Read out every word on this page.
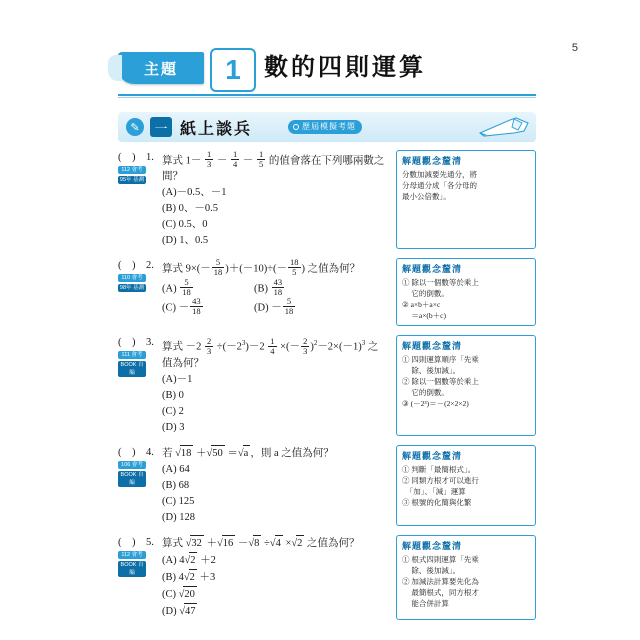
5
主題	1 數的四則運算
✎	一 紙上談兵	歷屆模擬考題
(　)	1. 算式 $1- \frac{1}{3} - \frac{1}{4} - \frac{1}{5}$ 的值會落在下列哪兩數之間？
112 會考
95年 基測
(A)－0.5、－1
(B) 0、－0.5
(C) 0.5、0
(D) 1、0.5
(　)	2. 算式 $9\times(- \frac{5}{18} )+(-10)\div(- \frac{18}{5}$ ) 之值為何？
110 會考
98年 基測 $(A) \frac{5}{18}$	$(B) \frac{43}{18}$
$(C) - \frac{43}{18}$	$(D) - \frac{5}{18}$
(　)	3. 算式 $-2 \frac{2}{3} \div(-2^3)-2 \frac{1}{4}$ ×(－ $\frac{2}{3} )^2-2\times(-1)^3$ 之值為何？
111 會考
BOOK 自編
(A)－1
(B) 0
(C) 2
(D) 3
(　)	4. 若 √18 ＋√50 ＝√a ，則 a 之值為何？
106 會考
BOOK 自編
(A) 64
(B) 68
(C) 125
(D) 128
(　)	5. 算式 √32 ＋√16 －√8 ÷√4 ×√2 之值為何？
112 會考
BOOK 自編
(A) 4√2 ＋2
(B) 4√2 ＋3
(C) √20
(D) √47
解題觀念釐清
分數加減要先通分，將
分母通分成「各分母的
最小公倍數」。
解題觀念釐清
① 除以一個數等於乘上
　 它的倒數。
② a×b＋a×c
　 ＝a×(b＋c)
解題觀念釐清
① 四則運算順序「先乘
　 除、後加減」。
② 除以一個數等於乘上
　 它的倒數。
③ (－2³)＝－(2×2×2)
解題觀念釐清
① 判斷「最簡根式」。
② 同類方根才可以進行
　「加」、「減」運算
③ 根號的化簡與化繁
解題觀念釐清
① 根式四則運算「先乘
　 除、後加減」。
② 加減法計算要先化為
　 最簡根式，同方根才
　 能合併計算
